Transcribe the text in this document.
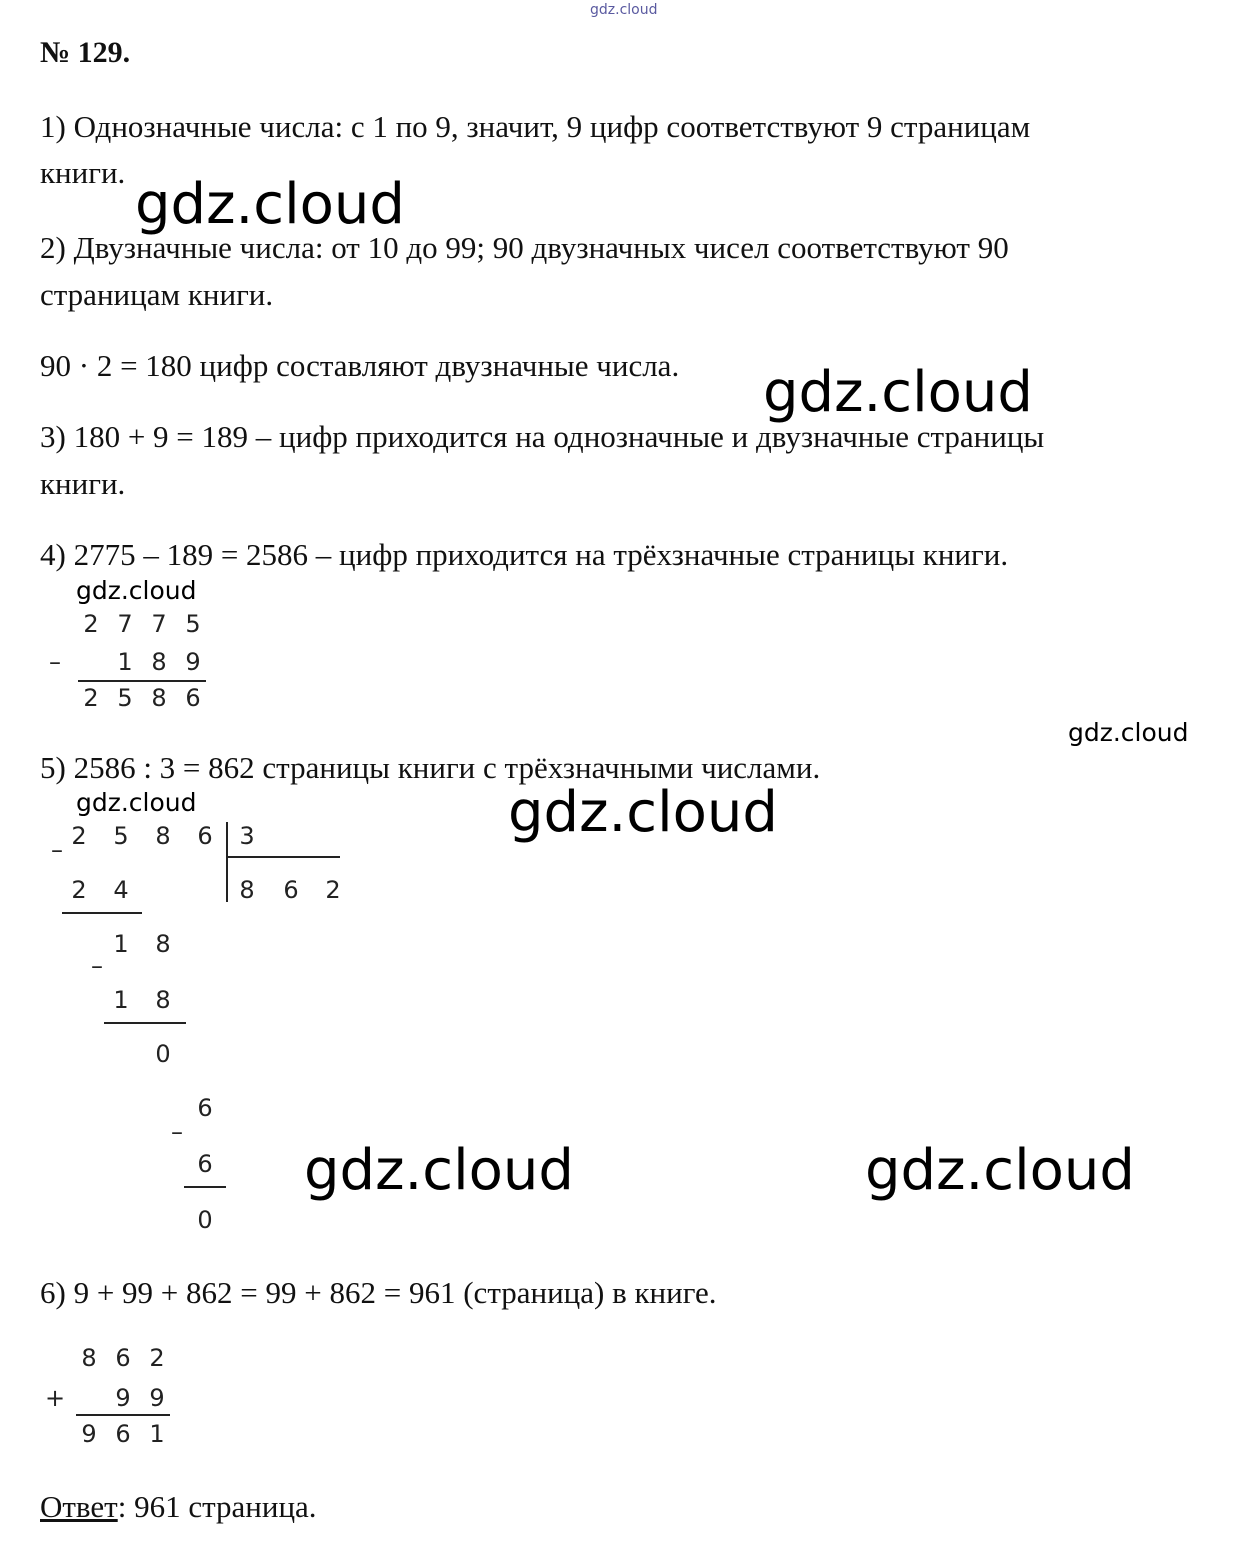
gdz.cloud
gdz.cloud
gdz.cloud
gdz.cloud
gdz.cloud
gdz.cloud	gdz.cloud
gdz.cloud	gdz.cloud
№ 129.
1) Однозначные числа: с 1 по 9, значит, 9 цифр соответствуют 9 страницам
книги.
2) Двузначные числа: от 10 до 99; 90 двузначных чисел соответствуют 90
страницам книги.
90 · 2 = 180 цифр составляют двузначные числа.
3) 180 + 9 = 189 – цифр приходится на однозначные и двузначные страницы
книги.
4) 2775 – 189 = 2586 – цифр приходится на трёхзначные страницы книги.
2 7 7 5
– 1 8 9
2 5 8 6
5) 2586 : 3 = 862 страницы книги с трёхзначными числами.
– 2 5 8 6 3
8 6 2
2 4
1 8
–
1 8
0
6
–
6
0
6) 9 + 99 + 862 = 99 + 862 = 961 (страница) в книге.
8 6 2
+ 9 9
9 6 1
Ответ: 961 страница.
